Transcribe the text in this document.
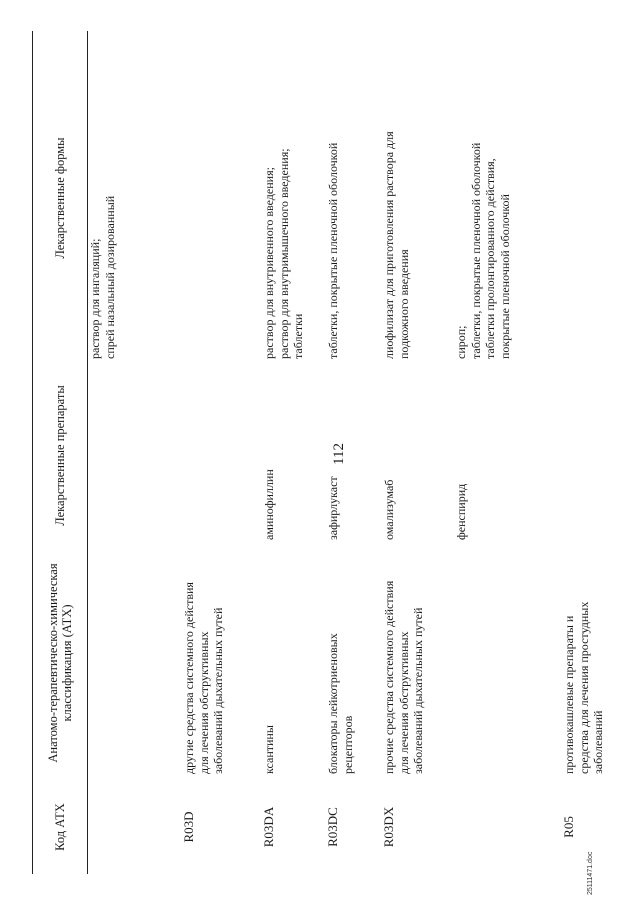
112
Код АТХ	Анатомо-терапевтическо-химическая классификация (АТХ)	Лекарственные препараты	Лекарственные формы

			раствор для ингаляций; спрей назальный дозированный

R03D	другие средства системного действия для лечения обструктивных заболеваний дыхательных путей		

R03DA	ксантины	аминофиллин	раствор для внутривенного введения; раствор для внутримышечного введения; таблетки

R03DC	блокаторы лейкотриеновых рецепторов	зафирлукаст	таблетки, покрытые пленочной оболочкой

R03DX	прочие средства системного действия для лечения обструктивных заболеваний дыхательных путей	омализумаб	лиофилизат для приготовления раствора для подкожного введения

		фенспирид	сироп; таблетки, покрытые пленочной оболочкой таблетки пролонгированного действия, покрытые пленочной оболочкой

R05	противокашлевые препараты и средства для лечения простудных заболеваний		

25111471.doc
